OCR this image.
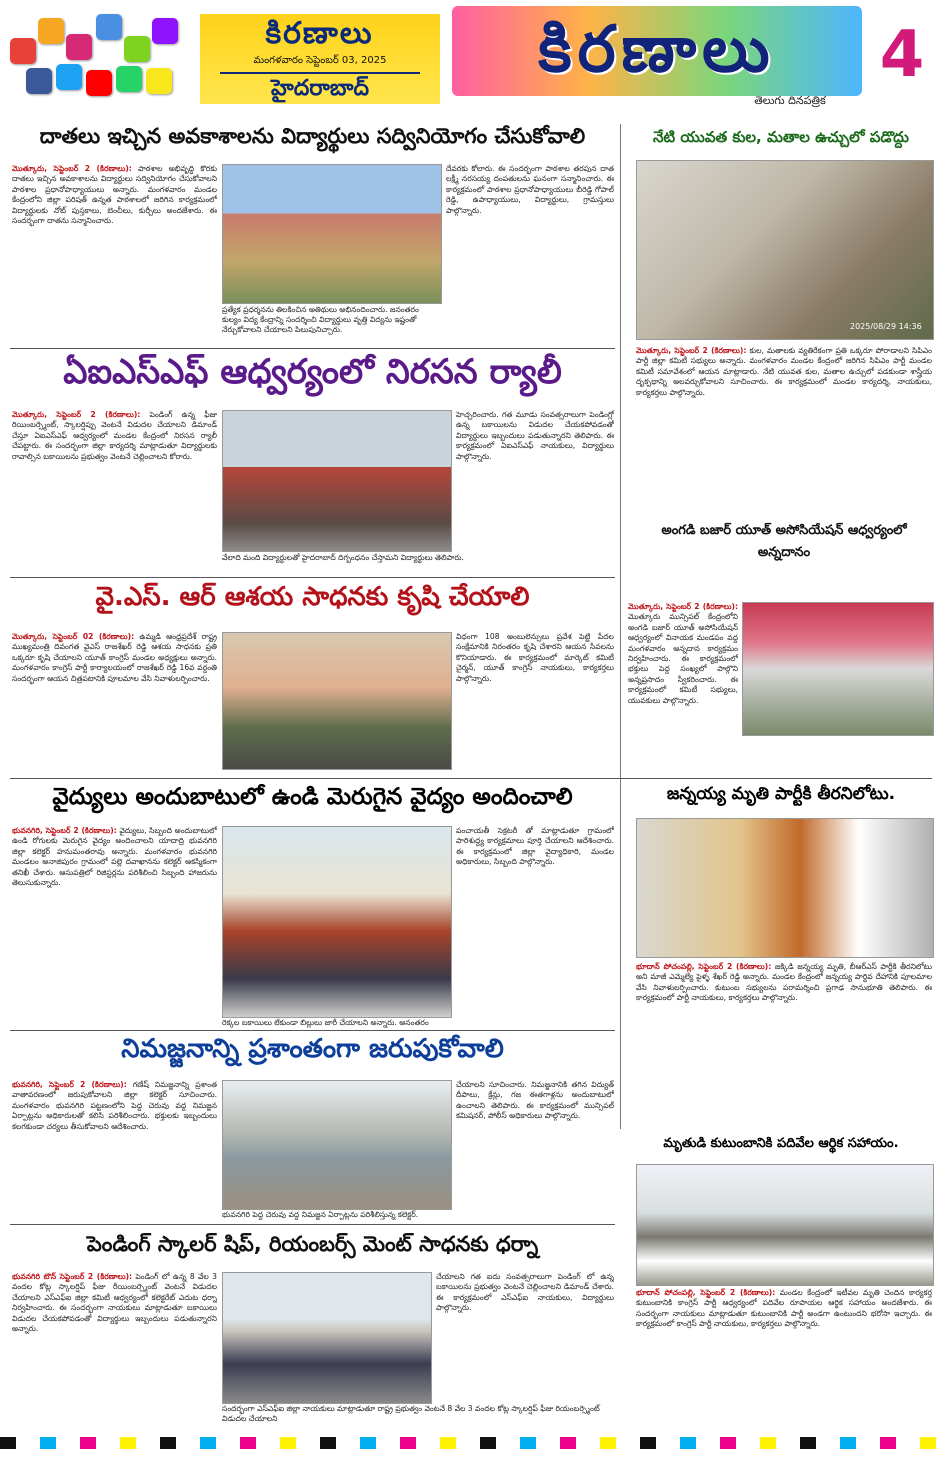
కిరణాలు
మంగళవారం సెప్టెంబర్ 03, 2025
హైదరాబాద్
కిరణాలు
తెలుగు దినపత్రిక
4
దాతలు ఇచ్చిన అవకాశాలను విద్యార్థులు సద్వినియోగం చేసుకోవాలి	నేటి యువత కుల, మతాల ఉచ్చులో పడొద్దు
మెుత్కూరు, సెప్టెంబర్ 2 (కిరణాలు): పాఠశాల అభివృద్ధి కొరకు దాతలు ఇచ్చిన అవకాశాలను విద్యార్థులు సద్వినియోగం చేసుకోవాలని పాఠశాల ప్రధానోపాధ్యాయులు అన్నారు. మంగళవారం మండల కేంద్రంలోని జిల్లా పరిషత్ ఉన్నత పాఠశాలలో జరిగిన కార్యక్రమంలో విద్యార్థులకు నోట్ పుస్తకాలు, బెంచీలు, కుర్చీలు అందజేశారు. ఈ సందర్భంగా దాతను సన్మానించారు.
ప్రత్యేక ప్రధర్శనను తిలకించిన అతిథులు అభినందించారు. జనంతరం కుల్యం విద్య కేంద్రాన్ని సందర్శించి విద్యార్థులు వృత్తి విద్యను ఇష్టంతో నేర్చుకోవాలని చేయాలని పిలుపునిచ్చారు.
దేవరకు కోలారు. ఈ సందర్భంగా పాఠశాల తరపున దాత లక్ష్మీ నరసయ్య దంపతులను ఘనంగా సన్మానించారు. ఈ కార్యక్రమంలో పాఠశాల ప్రధానోపాధ్యాయులు బీరెడ్డి గోపాల్ రెడ్డి, ఉపాధ్యాయులు, విద్యార్థులు, గ్రామస్తులు పాల్గొన్నారు.
2025/08/29 14:36
మెుత్కూరు, సెప్టెంబర్ 2 (కిరణాలు): కుల, మతాలకు వ్యతిరేకంగా ప్రతి ఒక్కరూ పోరాడాలని సిపిఎం పార్టీ జిల్లా కమిటీ సభ్యులు అన్నారు. మంగళవారం మండల కేంద్రంలో జరిగిన సిపిఎం పార్టీ మండల కమిటీ సమావేశంలో ఆయన మాట్లాడారు. నేటి యువత కుల, మతాల ఉచ్చులో పడకుండా శాస్త్రీయ దృక్పథాన్ని అలవర్చుకోవాలని సూచించారు. ఈ కార్యక్రమంలో మండల కార్యదర్శి, నాయకులు, కార్యకర్తలు పాల్గొన్నారు.
ఏఐఎస్ఎఫ్ ఆధ్వర్యంలో నిరసన ర్యాలీ
మెుత్కూరు, సెప్టెంబర్ 2 (కిరణాలు): పెండింగ్ ఉన్న ఫీజు రియింబర్స్మెంట్, స్కాలర్షిప్పు వెంటనే విడుదల చేయాలని డిమాండ్ చేస్తూ ఏఐఎస్ఎఫ్ ఆధ్వర్యంలో మండల కేంద్రంలో నిరసన ర్యాలీ చేపట్టారు. ఈ సందర్భంగా జిల్లా కార్యదర్శి మాట్లాడుతూ విద్యార్థులకు రావాల్సిన బకాయిలను ప్రభుత్వం వెంటనే చెల్లించాలని కోరారు.
వేలాది మంది విద్యార్థులతో హైదరాబాద్ దిగ్బంధనం చేస్తామని విద్యార్థులు తెలిపారు.
హెచ్చరించారు. గత మూడు సంవత్సరాలుగా పెండింగ్లో ఉన్న బకాయిలను విడుదల చేయకపోవడంతో విద్యార్థులు ఇబ్బందులు పడుతున్నారని తెలిపారు. ఈ కార్యక్రమంలో ఏఐఎస్ఎఫ్ నాయకులు, విద్యార్థులు పాల్గొన్నారు.
అంగడి బజార్ యూత్ అసోసియేషన్ ఆధ్వర్యంలో అన్నదానం
వై.ఎస్. ఆర్ ఆశయ సాధనకు కృషి చేయాలి
మెుత్కూరు, సెప్టెంబర్ 02 (కిరణాలు): ఉమ్మడి ఆంధ్రప్రదేశ్ రాష్ట్ర ముఖ్యమంత్రి దివంగత వైఎస్ రాజశేఖర్ రెడ్డి ఆశయ సాధనకు ప్రతి ఒక్కరూ కృషి చేయాలని యూత్ కాంగ్రెస్ మండల అధ్యక్షులు అన్నారు. మంగళవారం కాంగ్రెస్ పార్టీ కార్యాలయంలో రాజశేఖర్ రెడ్డి 16వ వర్ధంతి సందర్భంగా ఆయన చిత్రపటానికి పూలమాల వేసి నివాళులర్పించారు.
విధంగా 108 అంబులెన్సులు ప్రవేశ పెట్టి పేదల సంక్షేమానికి నిరంతరం కృషి చేశారని ఆయన సేవలను కొనియాడారు. ఈ కార్యక్రమంలో మార్కెట్ కమిటీ చైర్మన్, యూత్ కాంగ్రెస్ నాయకులు, కార్యకర్తలు పాల్గొన్నారు.
మెుత్కూరు, సెప్టెంబర్ 2 (కిరణాలు): మెుత్కూరు మున్సిపల్ కేంద్రంలోని అంగడి బజార్ యూత్ అసోసియేషన్ ఆధ్వర్యంలో వినాయక మండపం వద్ద మంగళవారం అన్నదాన కార్యక్రమం నిర్వహించారు. ఈ కార్యక్రమంలో భక్తులు పెద్ద సంఖ్యలో పాల్గొని అన్నప్రసాదం స్వీకరించారు. ఈ కార్యక్రమంలో కమిటీ సభ్యులు, యువకులు పాల్గొన్నారు.
వైద్యులు అందుబాటులో ఉండి మెరుగైన వైద్యం అందించాలి	జన్నయ్య మృతి పార్టీకి తీరనిలోటు.
భువనగిరి, సెప్టెంబర్ 2 (కిరణాలు): వైద్యులు, సిబ్బంది అందుబాటులో ఉండి రోగులకు మెరుగైన వైద్యం అందించాలని యాదాద్రి భువనగిరి జిల్లా కలెక్టర్ హనుమంతరావు అన్నారు. మంగళవారం భువనగిరి మండలం అనాజిపురం గ్రామంలో పల్లె దవాఖానను కలెక్టర్ ఆకస్మికంగా తనిఖీ చేశారు. ఆసుపత్రిలో రిజిస్టర్లను పరిశీలించి సిబ్బంది హాజరును తెలుసుకున్నారు.
రెక్కల బకాయిలు లేకుండా బిల్లులు జారీ చేయాలని అన్నారు. అనంతరం
పంచాయతీ సెక్రటరీ తో మాట్లాడుతూ గ్రామంలో పారిశుద్ధ్య కార్యక్రమాలు పూర్తి చేయాలని ఆదేశించారు. ఈ కార్యక్రమంలో జిల్లా వైద్యాధికారి, మండల అధికారులు, సిబ్బంది పాల్గొన్నారు.
భూదాన్ పోచంపల్లి, సెప్టెంబర్ 2 (కిరణాలు): జక్కిడి జన్నయ్య మృతి, బీఆర్ఎస్ పార్టీకి తీరనిలోటు అని మాజీ ఎమ్మెల్యే పైళ్ళ శేఖర్ రెడ్డి అన్నారు. మండల కేంద్రంలో జన్నయ్య పార్థివ దేహానికి పూలమాల వేసి నివాళులర్పించారు. కుటుంబ సభ్యులను పరామర్శించి ప్రగాఢ సానుభూతి తెలిపారు. ఈ కార్యక్రమంలో పార్టీ నాయకులు, కార్యకర్తలు పాల్గొన్నారు.
నిమజ్జనాన్ని ప్రశాంతంగా జరుపుకోవాలి
భువనగిరి, సెప్టెంబర్ 2 (కిరణాలు): గణేష్ నిమజ్జనాన్ని ప్రశాంత వాతావరణంలో జరుపుకోవాలని జిల్లా కలెక్టర్ సూచించారు. మంగళవారం భువనగిరి పట్టణంలోని పెద్ద చెరువు వద్ద నిమజ్జన ఏర్పాట్లను అధికారులతో కలిసి పరిశీలించారు. భక్తులకు ఇబ్బందులు కలగకుండా చర్యలు తీసుకోవాలని ఆదేశించారు.
భువనగిరి పెద్ద చెరువు వద్ద నిమజ్జన ఏర్పాట్లను పరిశీలిస్తున్న కలెక్టర్.
చేయాలని సూచించారు. నిమజ్జనానికి తగిన విద్యుత్ దీపాలు, క్రేన్లు, గజ ఈతగాళ్లను అందుబాటులో ఉంచాలని తెలిపారు. ఈ కార్యక్రమంలో మున్సిపల్ కమిషనర్, పోలీస్ అధికారులు పాల్గొన్నారు.
మృతుడి కుటుంబానికి పదివేల ఆర్థిక సహాయం.
భూదాన్ పోచంపల్లి, సెప్టెంబర్ 2 (కిరణాలు): మండల కేంద్రంలో ఇటీవల మృతి చెందిన కార్యకర్త కుటుంబానికి కాంగ్రెస్ పార్టీ ఆధ్వర్యంలో పదివేల రూపాయల ఆర్థిక సహాయం అందజేశారు. ఈ సందర్భంగా నాయకులు మాట్లాడుతూ కుటుంబానికి పార్టీ అండగా ఉంటుందని భరోసా ఇచ్చారు. ఈ కార్యక్రమంలో కాంగ్రెస్ పార్టీ నాయకులు, కార్యకర్తలు పాల్గొన్నారు.
పెండింగ్ స్కాలర్ షిప్, రియంబర్స్ మెంట్ సాధనకు ధర్నా
భువనగిరి టౌన్ సెప్టెంబర్ 2 (కిరణాలు): పెండింగ్ లో ఉన్న 8 వేల 3 వందల కోట్ల స్కాలర్షిప్ ఫీజు రీయింబర్స్మెంట్ వెంటనే విడుదల చేయాలని ఎస్ఎఫ్ఐ జిల్లా కమిటీ ఆధ్వర్యంలో కలెక్టరేట్ ఎదుట ధర్నా నిర్వహించారు. ఈ సందర్భంగా నాయకులు మాట్లాడుతూ బకాయిలు విడుదల చేయకపోవడంతో విద్యార్థులు ఇబ్బందులు పడుతున్నారని అన్నారు.
సందర్భంగా ఎస్ఎఫ్ఐ జిల్లా నాయకులు మాట్లాడుతూ రాష్ట్ర ప్రభుత్వం వెంటనే 8 వేల 3 వందల కోట్ల స్కాలర్షిప్ ఫీజు రియంబర్స్మెంట్ విడుదల చేయాలని
చేయాలని గత ఐదు సంవత్సరాలుగా పెండింగ్ లో ఉన్న బకాయిలను ప్రభుత్వం వెంటనే చెల్లించాలని డిమాండ్ చేశారు. ఈ కార్యక్రమంలో ఎస్ఎఫ్ఐ నాయకులు, విద్యార్థులు పాల్గొన్నారు.
